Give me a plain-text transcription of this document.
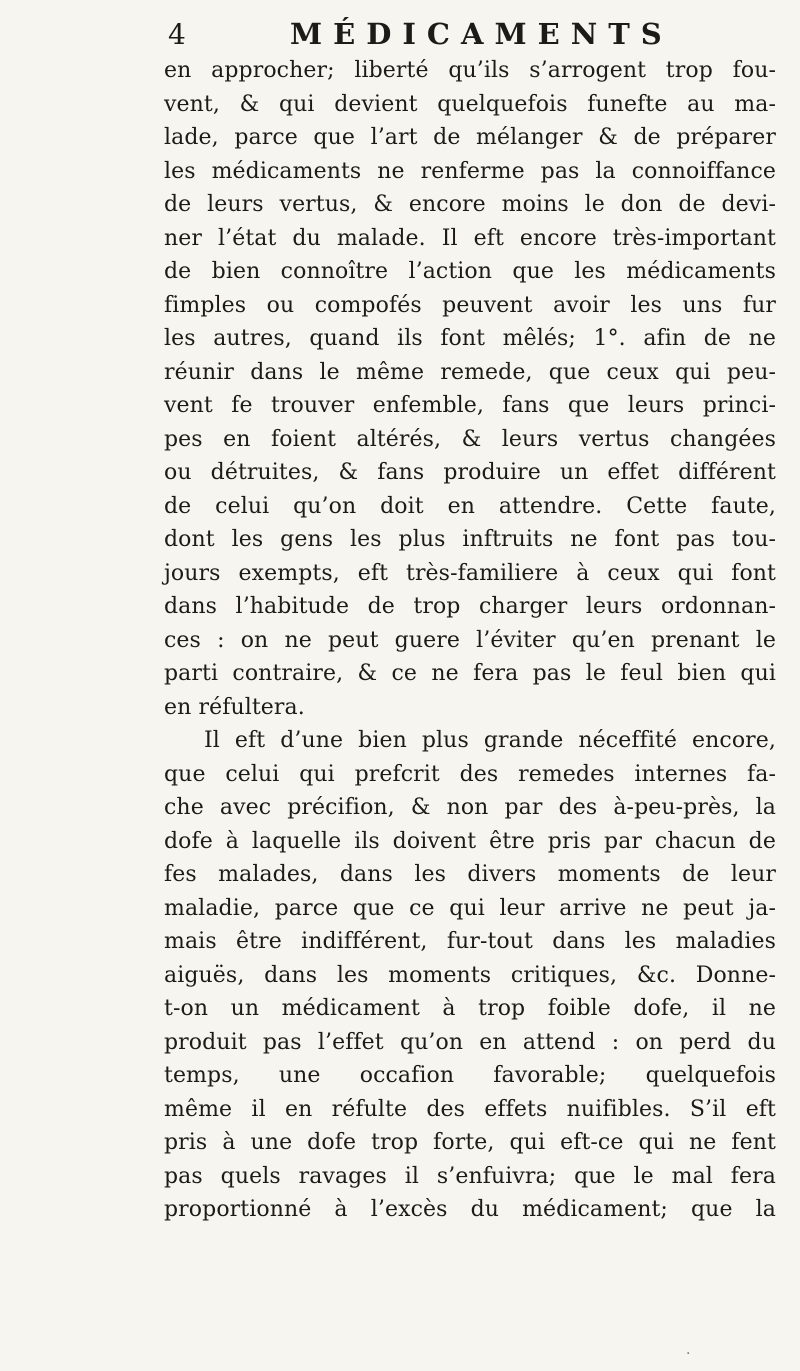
4	MÉDICAMENTS
en approcher; liberté qu’ils s’arrogent trop fou-
vent, & qui devient quelquefois funefte au ma-
lade, parce que l’art de mélanger & de préparer
les médicaments ne renferme pas la connoiffance
de leurs vertus, & encore moins le don de devi-
ner l’état du malade. Il eft encore très-important
de bien connoître l’action que les médicaments
fimples ou compofés peuvent avoir les uns fur
les autres, quand ils font mêlés; 1°. afin de ne
réunir dans le même remede, que ceux qui peu-
vent fe trouver enfemble, fans que leurs princi-
pes en foient altérés, & leurs vertus changées
ou détruites, & fans produire un effet différent
de celui qu’on doit en attendre. Cette faute,
dont les gens les plus inftruits ne font pas tou-
jours exempts, eft très-familiere à ceux qui font
dans l’habitude de trop charger leurs ordonnan-
ces : on ne peut guere l’éviter qu’en prenant le
parti contraire, & ce ne fera pas le feul bien qui
en réfultera.
Il eft d’une bien plus grande néceffité encore,
que celui qui prefcrit des remedes internes fa-
che avec précifion, & non par des à-peu-près, la
dofe à laquelle ils doivent être pris par chacun de
fes malades, dans les divers moments de leur
maladie, parce que ce qui leur arrive ne peut ja-
mais être indifférent, fur-tout dans les maladies
aiguës, dans les moments critiques, &c. Donne-
t-on un médicament à trop foible dofe, il ne
produit pas l’effet qu’on en attend : on perd du
temps, une occafion favorable; quelquefois
même il en réfulte des effets nuifibles. S’il eft
pris à une dofe trop forte, qui eft-ce qui ne fent
pas quels ravages il s’enfuivra; que le mal fera
proportionné à l’excès du médicament; que la
·
